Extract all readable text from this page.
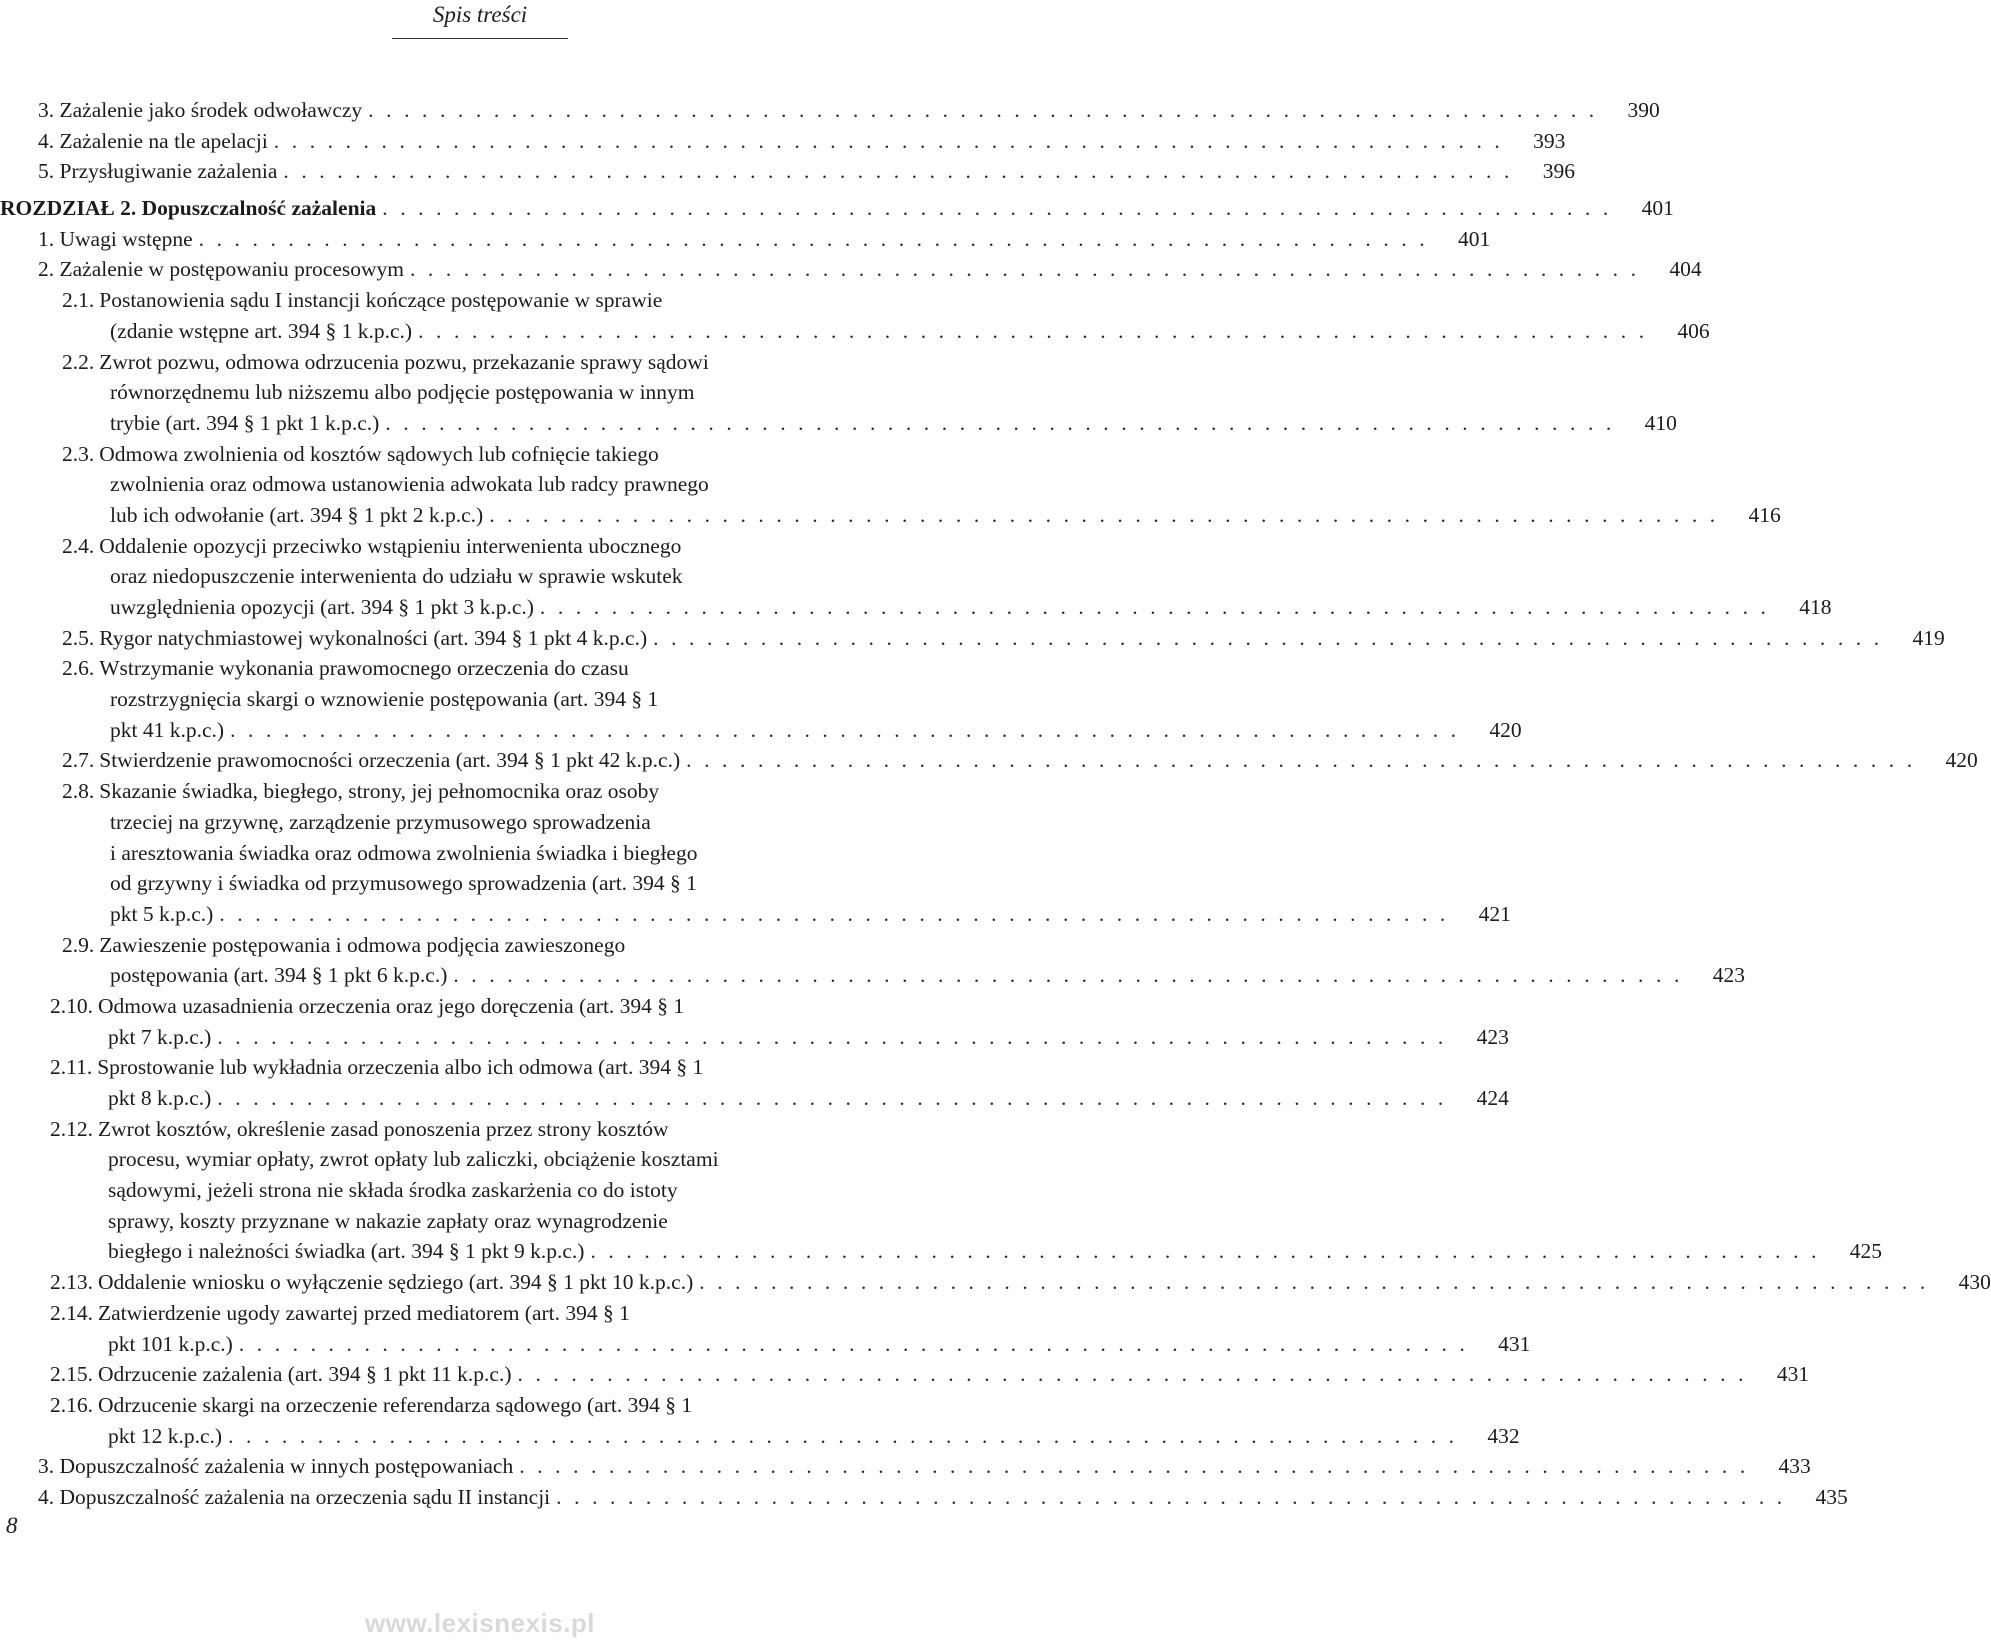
Spis treści
3. Zażalenie jako środek odwoławczy . . . . . . . . . . . . . . . . . . . . . . . . . . . . . . . . . . . . . . . . . . . . . . . . . . . . . . . . . . . . . . . . . . . . .	390
4. Zażalenie na tle apelacji . . . . . . . . . . . . . . . . . . . . . . . . . . . . . . . . . . . . . . . . . . . . . . . . . . . . . . . . . . . . . . . . . . . . .	393
5. Przysługiwanie zażalenia . . . . . . . . . . . . . . . . . . . . . . . . . . . . . . . . . . . . . . . . . . . . . . . . . . . . . . . . . . . . . . . . . . . . .	396
ROZDZIAŁ 2. Dopuszczalność zażalenia . . . . . . . . . . . . . . . . . . . . . . . . . . . . . . . . . . . . . . . . . . . . . . . . . . . . . . . . . . . . . . . . . . . . .	401
1. Uwagi wstępne . . . . . . . . . . . . . . . . . . . . . . . . . . . . . . . . . . . . . . . . . . . . . . . . . . . . . . . . . . . . . . . . . . . . .	401
2. Zażalenie w postępowaniu procesowym . . . . . . . . . . . . . . . . . . . . . . . . . . . . . . . . . . . . . . . . . . . . . . . . . . . . . . . . . . . . . . . . . . . . .	404
2.1. Postanowienia sądu I instancji kończące postępowanie w sprawie
(zdanie wstępne art. 394 § 1 k.p.c.) . . . . . . . . . . . . . . . . . . . . . . . . . . . . . . . . . . . . . . . . . . . . . . . . . . . . . . . . . . . . . . . . . . . . .	406
2.2. Zwrot pozwu, odmowa odrzucenia pozwu, przekazanie sprawy sądowi
równorzędnemu lub niższemu albo podjęcie postępowania w innym
trybie (art. 394 § 1 pkt 1 k.p.c.) . . . . . . . . . . . . . . . . . . . . . . . . . . . . . . . . . . . . . . . . . . . . . . . . . . . . . . . . . . . . . . . . . . . . .	410
2.3. Odmowa zwolnienia od kosztów sądowych lub cofnięcie takiego
zwolnienia oraz odmowa ustanowienia adwokata lub radcy prawnego
lub ich odwołanie (art. 394 § 1 pkt 2 k.p.c.) . . . . . . . . . . . . . . . . . . . . . . . . . . . . . . . . . . . . . . . . . . . . . . . . . . . . . . . . . . . . . . . . . . . . .	416
2.4. Oddalenie opozycji przeciwko wstąpieniu interwenienta ubocznego
oraz niedopuszczenie interwenienta do udziału w sprawie wskutek
uwzględnienia opozycji (art. 394 § 1 pkt 3 k.p.c.) . . . . . . . . . . . . . . . . . . . . . . . . . . . . . . . . . . . . . . . . . . . . . . . . . . . . . . . . . . . . . . . . . . . . .	418
2.5. Rygor natychmiastowej wykonalności (art. 394 § 1 pkt 4 k.p.c.) . . . . . . . . . . . . . . . . . . . . . . . . . . . . . . . . . . . . . . . . . . . . . . . . . . . . . . . . . . . . . . . . . . . . .	419
2.6. Wstrzymanie wykonania prawomocnego orzeczenia do czasu
rozstrzygnięcia skargi o wznowienie postępowania (art. 394 § 1
pkt 41 k.p.c.) . . . . . . . . . . . . . . . . . . . . . . . . . . . . . . . . . . . . . . . . . . . . . . . . . . . . . . . . . . . . . . . . . . . . .	420
2.7. Stwierdzenie prawomocności orzeczenia (art. 394 § 1 pkt 42 k.p.c.) . . . . . . . . . . . . . . . . . . . . . . . . . . . . . . . . . . . . . . . . . . . . . . . . . . . . . . . . . . . . . . . . . . . . .	420
2.8. Skazanie świadka, biegłego, strony, jej pełnomocnika oraz osoby
trzeciej na grzywnę, zarządzenie przymusowego sprowadzenia
i aresztowania świadka oraz odmowa zwolnienia świadka i biegłego
od grzywny i świadka od przymusowego sprowadzenia (art. 394 § 1
pkt 5 k.p.c.) . . . . . . . . . . . . . . . . . . . . . . . . . . . . . . . . . . . . . . . . . . . . . . . . . . . . . . . . . . . . . . . . . . . . .	421
2.9. Zawieszenie postępowania i odmowa podjęcia zawieszonego
postępowania (art. 394 § 1 pkt 6 k.p.c.) . . . . . . . . . . . . . . . . . . . . . . . . . . . . . . . . . . . . . . . . . . . . . . . . . . . . . . . . . . . . . . . . . . . . .	423
2.10. Odmowa uzasadnienia orzeczenia oraz jego doręczenia (art. 394 § 1
pkt 7 k.p.c.) . . . . . . . . . . . . . . . . . . . . . . . . . . . . . . . . . . . . . . . . . . . . . . . . . . . . . . . . . . . . . . . . . . . . .	423
2.11. Sprostowanie lub wykładnia orzeczenia albo ich odmowa (art. 394 § 1
pkt 8 k.p.c.) . . . . . . . . . . . . . . . . . . . . . . . . . . . . . . . . . . . . . . . . . . . . . . . . . . . . . . . . . . . . . . . . . . . . .	424
2.12. Zwrot kosztów, określenie zasad ponoszenia przez strony kosztów
procesu, wymiar opłaty, zwrot opłaty lub zaliczki, obciążenie kosztami
sądowymi, jeżeli strona nie składa środka zaskarżenia co do istoty
sprawy, koszty przyznane w nakazie zapłaty oraz wynagrodzenie
biegłego i należności świadka (art. 394 § 1 pkt 9 k.p.c.) . . . . . . . . . . . . . . . . . . . . . . . . . . . . . . . . . . . . . . . . . . . . . . . . . . . . . . . . . . . . . . . . . . . . .	425
2.13. Oddalenie wniosku o wyłączenie sędziego (art. 394 § 1 pkt 10 k.p.c.) . . . . . . . . . . . . . . . . . . . . . . . . . . . . . . . . . . . . . . . . . . . . . . . . . . . . . . . . . . . . . . . . . . . . .	430
2.14. Zatwierdzenie ugody zawartej przed mediatorem (art. 394 § 1
pkt 101 k.p.c.) . . . . . . . . . . . . . . . . . . . . . . . . . . . . . . . . . . . . . . . . . . . . . . . . . . . . . . . . . . . . . . . . . . . . .	431
2.15. Odrzucenie zażalenia (art. 394 § 1 pkt 11 k.p.c.) . . . . . . . . . . . . . . . . . . . . . . . . . . . . . . . . . . . . . . . . . . . . . . . . . . . . . . . . . . . . . . . . . . . . .	431
2.16. Odrzucenie skargi na orzeczenie referendarza sądowego (art. 394 § 1
pkt 12 k.p.c.) . . . . . . . . . . . . . . . . . . . . . . . . . . . . . . . . . . . . . . . . . . . . . . . . . . . . . . . . . . . . . . . . . . . . .	432
3. Dopuszczalność zażalenia w innych postępowaniach . . . . . . . . . . . . . . . . . . . . . . . . . . . . . . . . . . . . . . . . . . . . . . . . . . . . . . . . . . . . . . . . . . . . .	433
4. Dopuszczalność zażalenia na orzeczenia sądu II instancji . . . . . . . . . . . . . . . . . . . . . . . . . . . . . . . . . . . . . . . . . . . . . . . . . . . . . . . . . . . . . . . . . . . . .	435
8
www.lexisnexis.pl
